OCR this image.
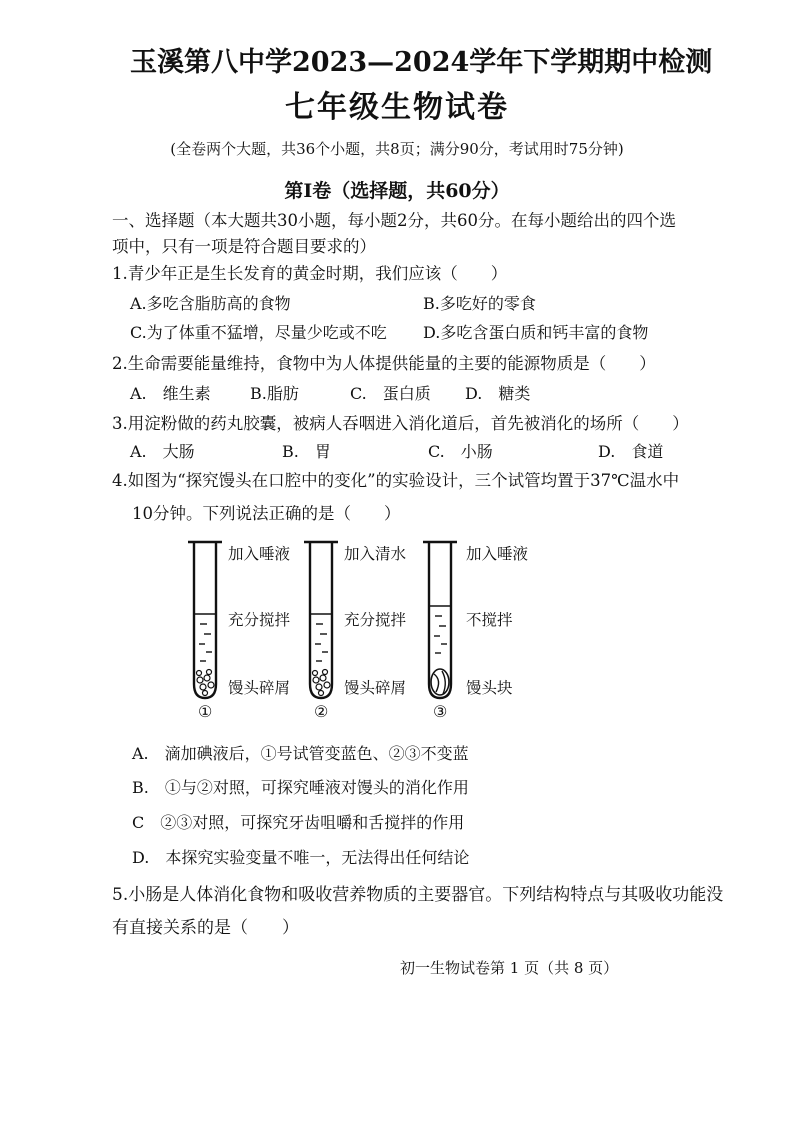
玉溪第八中学2023—2024学年下学期期中检测
七年级生物试卷
(全卷两个大题，共36个小题，共8页；满分90分，考试用时75分钟)
第Ⅰ卷（选择题，共60分）
一、选择题（本大题共30小题，每小题2分，共60分。在每小题给出的四个选
项中，只有一项是符合题目要求的）
1.青少年正是生长发育的黄金时期，我们应该（　　）
A.多吃含脂肪高的食物	B.多吃好的零食
C.为了体重不猛增，尽量少吃或不吃 D.多吃含蛋白质和钙丰富的食物
2.生命需要能量维持，食物中为人体提供能量的主要的能源物质是（　　）
A.　维生素 B.脂肪	C.　蛋白质 D.　糖类
3.用淀粉做的药丸胶囊，被病人吞咽进入消化道后，首先被消化的场所（　　）
A.　大肠	B.　胃	C.　小肠	D.　食道
4.如图为“探究馒头在口腔中的变化”的实验设计，三个试管均置于37℃温水中
10分钟。下列说法正确的是（　　）
加入唾液
充分搅拌
馒头碎屑
①
加入清水
充分搅拌
馒头碎屑
②
加入唾液
不搅拌
馒头块
③
A.　滴加碘液后，①号试管变蓝色、②③不变蓝
B.　①与②对照，可探究唾液对馒头的消化作用
C　②③对照，可探究牙齿咀嚼和舌搅拌的作用
D.　本探究实验变量不唯一，无法得出任何结论
5.小肠是人体消化食物和吸收营养物质的主要器官。下列结构特点与其吸收功能没
有直接关系的是（　　）
初一生物试卷第 1 页（共 8 页）
